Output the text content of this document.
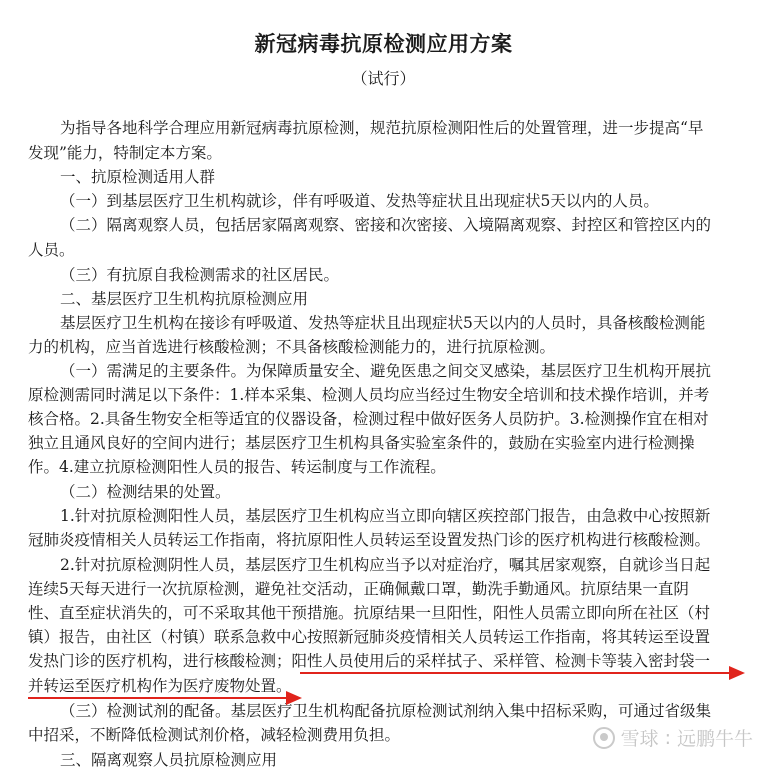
新冠病毒抗原检测应用方案
（试行）
为指导各地科学合理应用新冠病毒抗原检测，规范抗原检测阳性后的处置管理，进一步提高“早
发现”能力，特制定本方案。
一、抗原检测适用人群
（一）到基层医疗卫生机构就诊，伴有呼吸道、发热等症状且出现症状5天以内的人员。
（二）隔离观察人员，包括居家隔离观察、密接和次密接、入境隔离观察、封控区和管控区内的
人员。
（三）有抗原自我检测需求的社区居民。
二、基层医疗卫生机构抗原检测应用
基层医疗卫生机构在接诊有呼吸道、发热等症状且出现症状5天以内的人员时，具备核酸检测能
力的机构，应当首选进行核酸检测；不具备核酸检测能力的，进行抗原检测。
（一）需满足的主要条件。为保障质量安全、避免医患之间交叉感染，基层医疗卫生机构开展抗
原检测需同时满足以下条件：1.样本采集、检测人员均应当经过生物安全培训和技术操作培训，并考
核合格。2.具备生物安全柜等适宜的仪器设备，检测过程中做好医务人员防护。3.检测操作宜在相对
独立且通风良好的空间内进行；基层医疗卫生机构具备实验室条件的，鼓励在实验室内进行检测操
作。4.建立抗原检测阳性人员的报告、转运制度与工作流程。
（二）检测结果的处置。
1.针对抗原检测阳性人员，基层医疗卫生机构应当立即向辖区疾控部门报告，由急救中心按照新
冠肺炎疫情相关人员转运工作指南，将抗原阳性人员转运至设置发热门诊的医疗机构进行核酸检测。
2.针对抗原检测阴性人员，基层医疗卫生机构应当予以对症治疗，嘱其居家观察，自就诊当日起
连续5天每天进行一次抗原检测，避免社交活动，正确佩戴口罩，勤洗手勤通风。抗原结果一直阴
性、直至症状消失的，可不采取其他干预措施。抗原结果一旦阳性，阳性人员需立即向所在社区（村
镇）报告，由社区（村镇）联系急救中心按照新冠肺炎疫情相关人员转运工作指南，将其转运至设置
发热门诊的医疗机构，进行核酸检测；阳性人员使用后的采样拭子、采样管、检测卡等装入密封袋一
并转运至医疗机构作为医疗废物处置。
（三）检测试剂的配备。基层医疗卫生机构配备抗原检测试剂纳入集中招标采购，可通过省级集
中招采，不断降低检测试剂价格，减轻检测费用负担。
三、隔离观察人员抗原检测应用
雪球 : 远鹏牛牛
